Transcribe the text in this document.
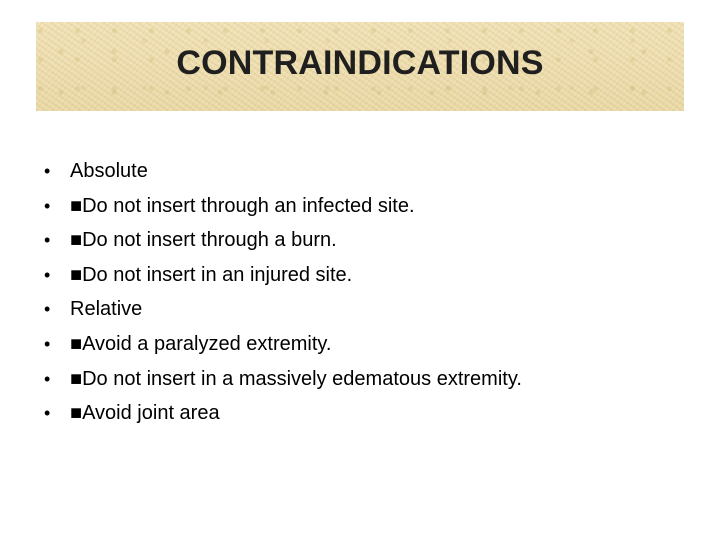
CONTRAINDICATIONS
• Absolute
• ■Do not insert through an infected site.
• ■Do not insert through a burn.
• ■Do not insert in an injured site.
• Relative
• ■Avoid a paralyzed extremity.
• ■Do not insert in a massively edematous extremity.
• ■Avoid joint area
